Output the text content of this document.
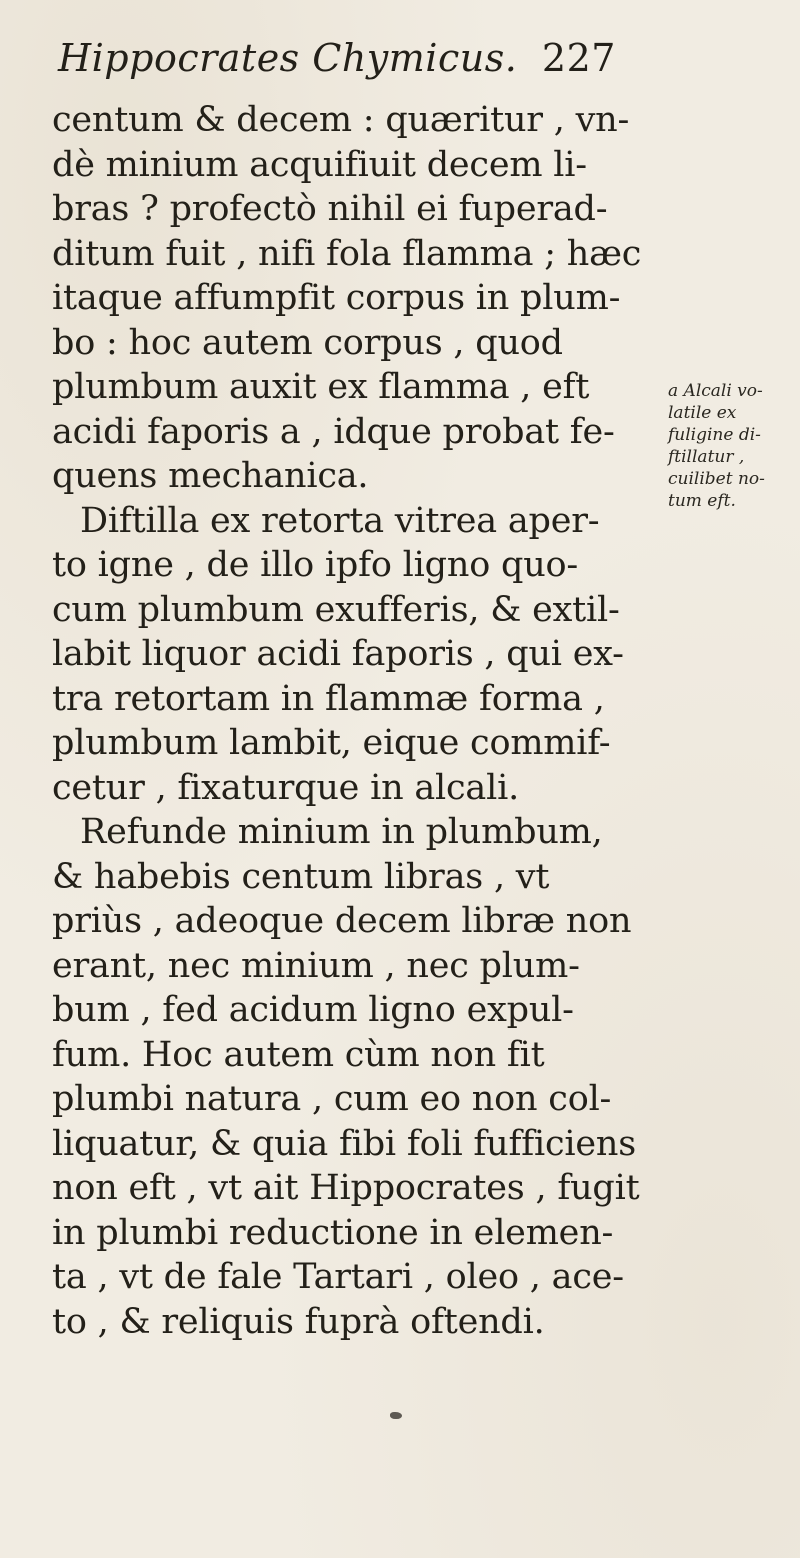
Hippocrates Chymicus. 227
centum & decem : quæritur , vn-
dè minium acquifiuit decem li-
bras ? profectò nihil ei fuperad-
ditum fuit , nifi fola flamma ; hæc
itaque affumpfit corpus in plum-
bo : hoc autem corpus , quod
plumbum auxit ex flamma , eft
acidi faporis a , idque probat fe-
quens mechanica.
Diftilla ex retorta vitrea aper-
to igne , de illo ipfo ligno quo-
cum plumbum exufferis, & extil-
labit liquor acidi faporis , qui ex-
tra retortam in flammæ forma ,
plumbum lambit, eique commif-
cetur , fixaturque in alcali.
Refunde minium in plumbum,
& habebis centum libras , vt
priùs , adeoque decem libræ non
erant, nec minium , nec plum-
bum , fed acidum ligno expul-
fum. Hoc autem cùm non fit
plumbi natura , cum eo non col-
liquatur, & quia fibi foli fufficiens
non eft , vt ait Hippocrates , fugit
in plumbi reductione in elemen-
ta , vt de fale Tartari , oleo , ace-
to , & reliquis fuprà oftendi.
a Alcali vo-
latile ex
fuligine di-
ftillatur ,
cuilibet no-
tum eft.
